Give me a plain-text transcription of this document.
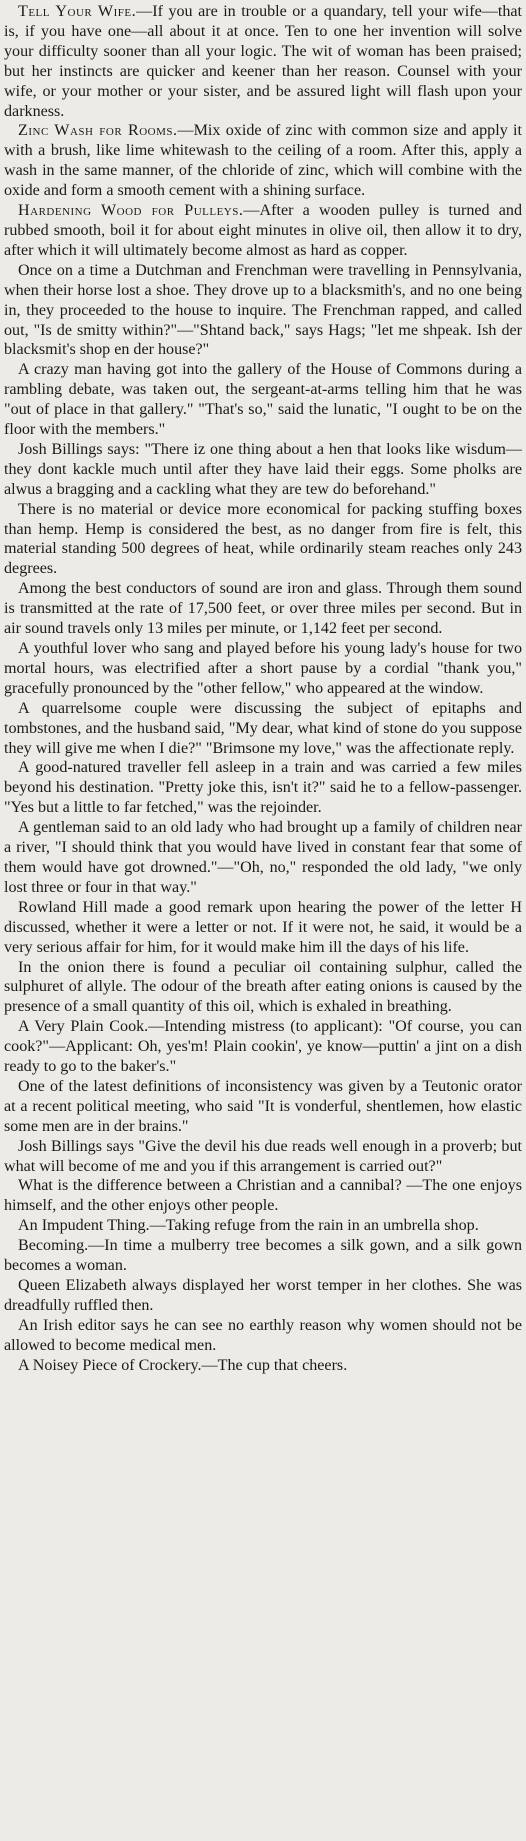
Tell Your Wife.—If you are in trouble or a quandary, tell your wife—that is, if you have one—all about it at once. Ten to one her invention will solve your difficulty sooner than all your logic. The wit of woman has been praised; but her instincts are quicker and keener than her reason. Counsel with your wife, or your mother or your sister, and be assured light will flash upon your darkness.

Zinc Wash for Rooms.—Mix oxide of zinc with common size and apply it with a brush, like lime whitewash to the ceiling of a room. After this, apply a wash in the same manner, of the chloride of zinc, which will combine with the oxide and form a smooth cement with a shining surface.

Hardening Wood for Pulleys.—After a wooden pulley is turned and rubbed smooth, boil it for about eight minutes in olive oil, then allow it to dry, after which it will ultimately become almost as hard as copper.

Once on a time a Dutchman and Frenchman were travelling in Pennsylvania, when their horse lost a shoe. They drove up to a blacksmith's, and no one being in, they proceeded to the house to inquire. The Frenchman rapped, and called out, "Is de smitty within?"—"Shtand back," says Hags; "let me shpeak. Ish der blacksmit's shop en der house?"

A crazy man having got into the gallery of the House of Commons during a rambling debate, was taken out, the sergeant-at-arms telling him that he was "out of place in that gallery." "That's so," said the lunatic, "I ought to be on the floor with the members."

Josh Billings says: "There iz one thing about a hen that looks like wisdum—they dont kackle much until after they have laid their eggs. Some pholks are alwus a bragging and a cackling what they are tew do beforehand."

There is no material or device more economical for packing stuffing boxes than hemp. Hemp is considered the best, as no danger from fire is felt, this material standing 500 degrees of heat, while ordinarily steam reaches only 243 degrees.

Among the best conductors of sound are iron and glass. Through them sound is transmitted at the rate of 17,500 feet, or over three miles per second. But in air sound travels only 13 miles per minute, or 1,142 feet per second.

A youthful lover who sang and played before his young lady's house for two mortal hours, was electrified after a short pause by a cordial "thank you," gracefully pronounced by the "other fellow," who appeared at the window.

A quarrelsome couple were discussing the subject of epitaphs and tombstones, and the husband said, "My dear, what kind of stone do you suppose they will give me when I die?" "Brimsone my love," was the affectionate reply.

A good-natured traveller fell asleep in a train and was carried a few miles beyond his destination. "Pretty joke this, isn't it?" said he to a fellow-passenger. "Yes but a little to far fetched," was the rejoinder.

A gentleman said to an old lady who had brought up a family of children near a river, "I should think that you would have lived in constant fear that some of them would have got drowned."—"Oh, no," responded the old lady, "we only lost three or four in that way."

Rowland Hill made a good remark upon hearing the power of the letter H discussed, whether it were a letter or not. If it were not, he said, it would be a very serious affair for him, for it would make him ill the days of his life.

In the onion there is found a peculiar oil containing sulphur, called the sulphuret of allyle. The odour of the breath after eating onions is caused by the presence of a small quantity of this oil, which is exhaled in breathing.

A Very Plain Cook.—Intending mistress (to applicant): "Of course, you can cook?"—Applicant: Oh, yes'm! Plain cookin', ye know—puttin' a jint on a dish ready to go to the baker's."

One of the latest definitions of inconsistency was given by a Teutonic orator at a recent political meeting, who said "It is vonderful, shentlemen, how elastic some men are in der brains."

Josh Billings says "Give the devil his due reads well enough in a proverb; but what will become of me and you if this arrangement is carried out?"

What is the difference between a Christian and a cannibal? —The one enjoys himself, and the other enjoys other people.

An Impudent Thing.—Taking refuge from the rain in an umbrella shop.

Becoming.—In time a mulberry tree becomes a silk gown, and a silk gown becomes a woman.

Queen Elizabeth always displayed her worst temper in her clothes. She was dreadfully ruffled then.

An Irish editor says he can see no earthly reason why women should not be allowed to become medical men.

A Noisey Piece of Crockery.—The cup that cheers.
